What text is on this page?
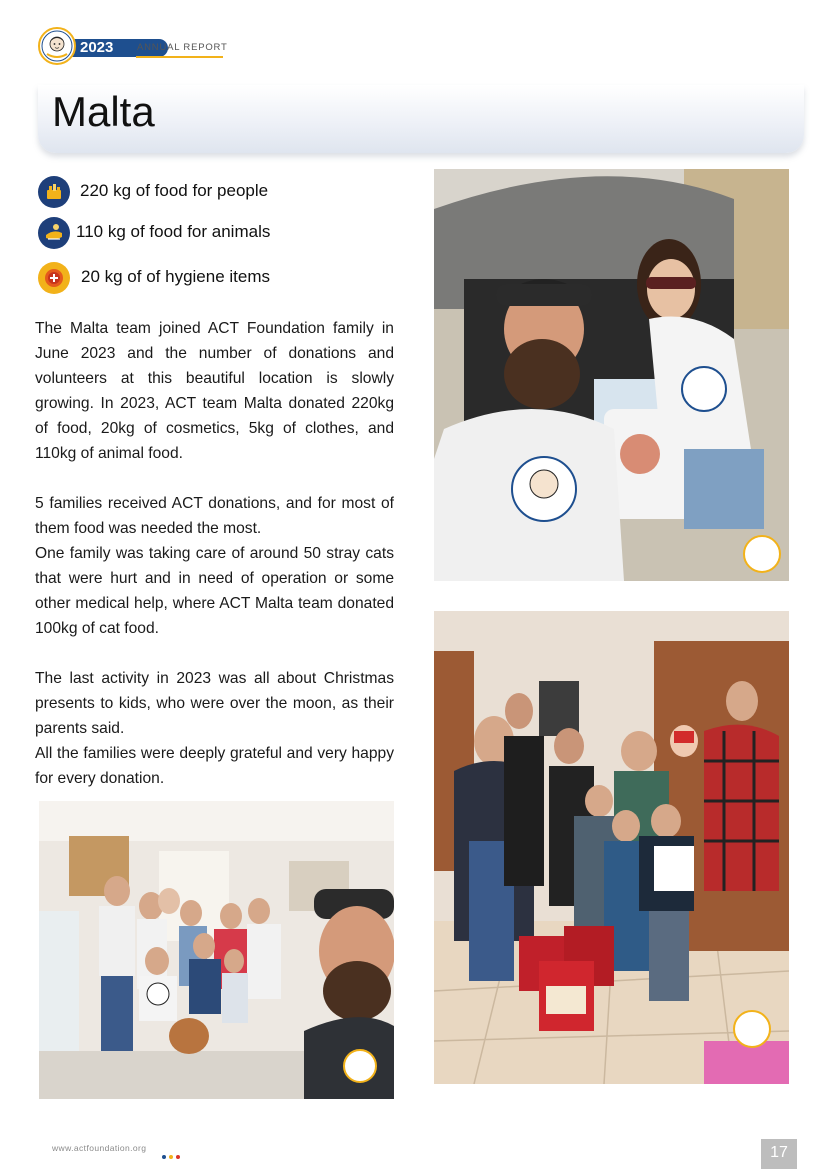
2023 ANNUAL REPORT
Malta
220 kg of food for people
110 kg of food for animals
20 kg of of hygiene items

The Malta team joined ACT Foundation family in June 2023 and the number of donations and volunteers at this beautiful location is slowly growing. In 2023, ACT team Malta donated 220kg of food, 20kg of cosmetics, 5kg of clothes, and 110kg of animal food.

5 families received ACT donations, and for most of them food was needed the most.

One family was taking care of around 50 stray cats that were hurt and in need of operation or some other medical help, where ACT Malta team donated 100kg of cat food.

The last activity in 2023 was all about Christmas presents to kids, who were over the moon, as their parents said.

All the families were deeply grateful and very happy for every donation.

www.actfoundation.org	17
